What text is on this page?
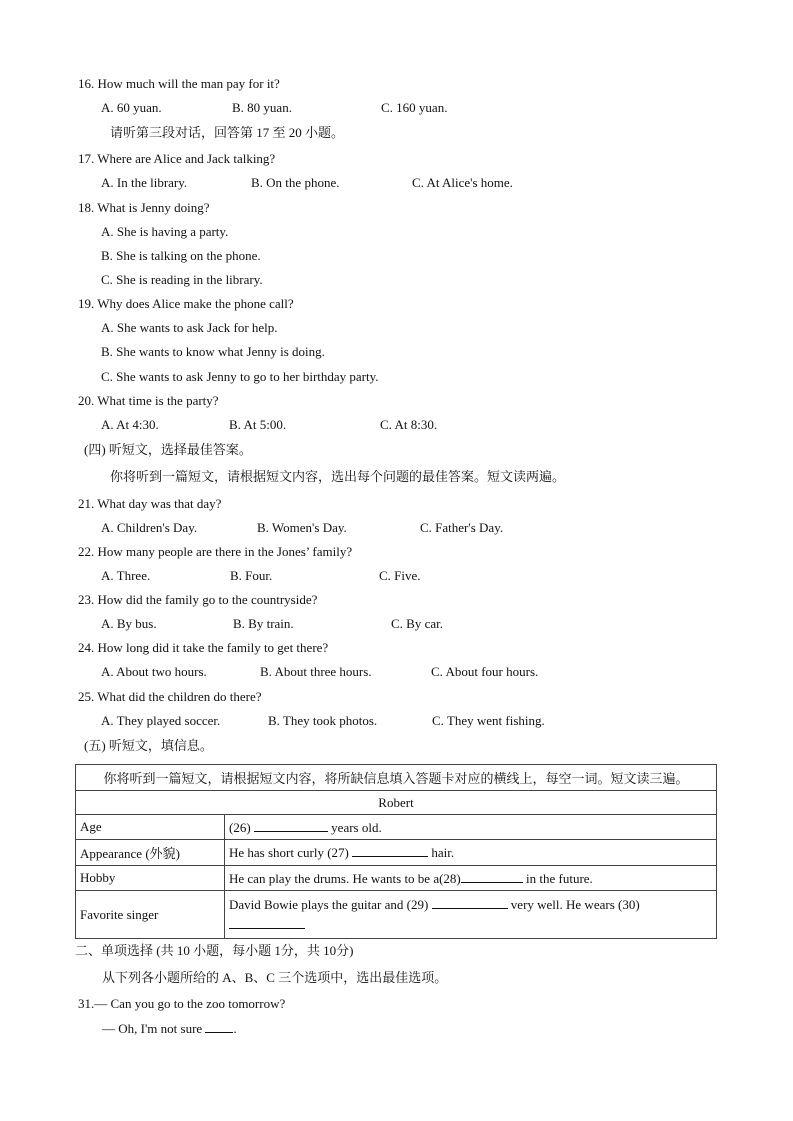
16. How much will the man pay for it?
A. 60 yuan.	B. 80 yuan.	C. 160 yuan.
请听第三段对话，回答第 17 至 20 小题。
17. Where are Alice and Jack talking?
A. In the library.	B. On the phone.	C. At Alice's home.
18. What is Jenny doing?
A. She is having a party.
B. She is talking on the phone.
C. She is reading in the library.
19. Why does Alice make the phone call?
A. She wants to ask Jack for help.
B. She wants to know what Jenny is doing.
C. She wants to ask Jenny to go to her birthday party.
20. What time is the party?
A. At 4:30.	B. At 5:00.	C. At 8:30.
(四) 听短文，选择最佳答案。
你将听到一篇短文，请根据短文内容，选出每个问题的最佳答案。短文读两遍。
21. What day was that day?
A. Children's Day.	B. Women's Day.	C. Father's Day.
22. How many people are there in the Jones’ family?
A. Three.	B. Four.	C. Five.
23. How did the family go to the countryside?
A. By bus.	B. By train.	C. By car.
24. How long did it take the family to get there?
A. About two hours.	B. About three hours.	C. About four hours.
25. What did the children do there?
A. They played soccer.	B. They took photos.	C. They went fishing.
(五) 听短文，填信息。
你将听到一篇短文，请根据短文内容，将所缺信息填入答题卡对应的横线上，每空一词。短文读三遍。	
Robert	
Age	(26) years old.
Appearance (外貌)	He has short curly (27) hair.
Hobby	He can play the drums. He wants to be a(28) in the future.
Favorite singer	David Bowie plays the guitar and (29) very well. He wears (30)
二、单项选择 (共 10 小题，每小题 1分，共 10分)
从下列各小题所给的 A、B、C 三个选项中，选出最佳选项。
31.— Can you go to the zoo tomorrow?
— Oh, I'm not sure .
